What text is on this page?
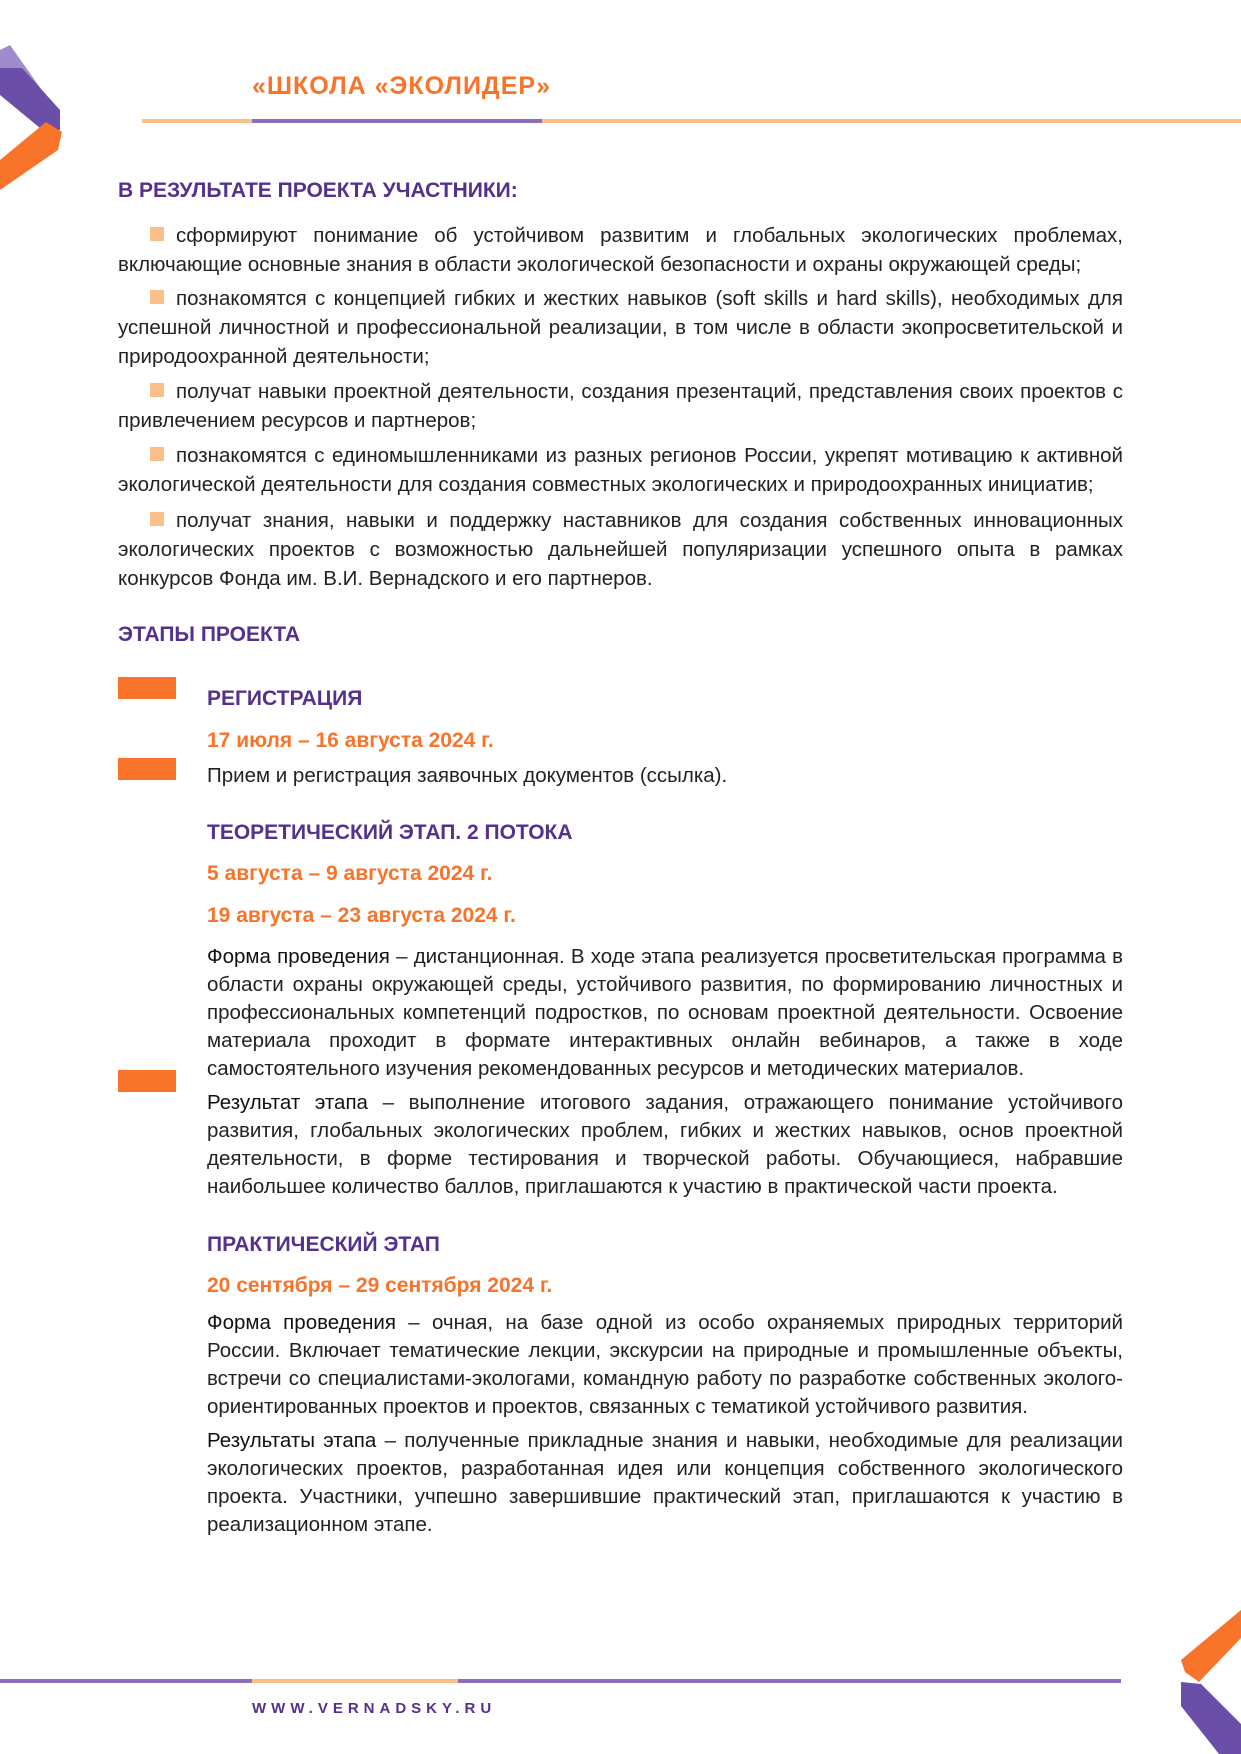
«ШКОЛА «ЭКОЛИДЕР»
В РЕЗУЛЬТАТЕ ПРОЕКТА УЧАСТНИКИ:
сформируют понимание об устойчивом развитим и глобальных экологических проблемах, включающие основные знания в области экологической безопасности и охраны окружающей среды;
познакомятся с концепцией гибких и жестких навыков (soft skills и hard skills), необходимых для успешной личностной и профессиональной реализации, в том числе в области экопросветительской и природоохранной деятельности;
получат навыки проектной деятельности, создания презентаций, представления своих проектов с привлечением ресурсов и партнеров;
познакомятся с единомышленниками из разных регионов России, укрепят мотивацию к активной экологической деятельности для создания совместных экологических и природоохранных инициатив;
получат знания, навыки и поддержку наставников для создания собственных инновационных экологических проектов с возможностью дальнейшей популяризации успешного опыта в рамках конкурсов Фонда им. В.И. Вернадского и его партнеров.
ЭТАПЫ ПРОЕКТА
РЕГИСТРАЦИЯ
17 июля – 16 августа 2024 г.
Прием и регистрация заявочных документов (ссылка).
ТЕОРЕТИЧЕСКИЙ ЭТАП. 2 ПОТОКА
5 августа – 9 августа 2024 г.
19 августа – 23 августа 2024 г.
Форма проведения – дистанционная. В ходе этапа реализуется просветительская программа в области охраны окружающей среды, устойчивого развития, по формированию личностных и профессиональных компетенций подростков, по основам проектной деятельности. Освоение материала проходит в формате интерактивных онлайн вебинаров, а также в ходе самостоятельного изучения рекомендованных ресурсов и методических материалов.
Результат этапа – выполнение итогового задания, отражающего понимание устойчивого развития, глобальных экологических проблем, гибких и жестких навыков, основ проектной деятельности, в форме тестирования и творческой работы. Обучающиеся, набравшие наибольшее количество баллов, приглашаются к участию в практической части проекта.
ПРАКТИЧЕСКИЙ ЭТАП
20 сентября – 29 сентября 2024 г.
Форма проведения – очная, на базе одной из особо охраняемых природных территорий России. Включает тематические лекции, экскурсии на природные и промышленные объекты, встречи со специалистами-экологами, командную работу по разработке собственных эколого-ориентированных проектов и проектов, связанных с тематикой устойчивого развития.
Результаты этапа – полученные прикладные знания и навыки, необходимые для реализации экологических проектов, разработанная идея или концепция собственного экологического проекта. Участники, учпешно завершившие практический этап, приглашаются к участию в реализационном этапе.
WWW.VERNADSKY.RU
